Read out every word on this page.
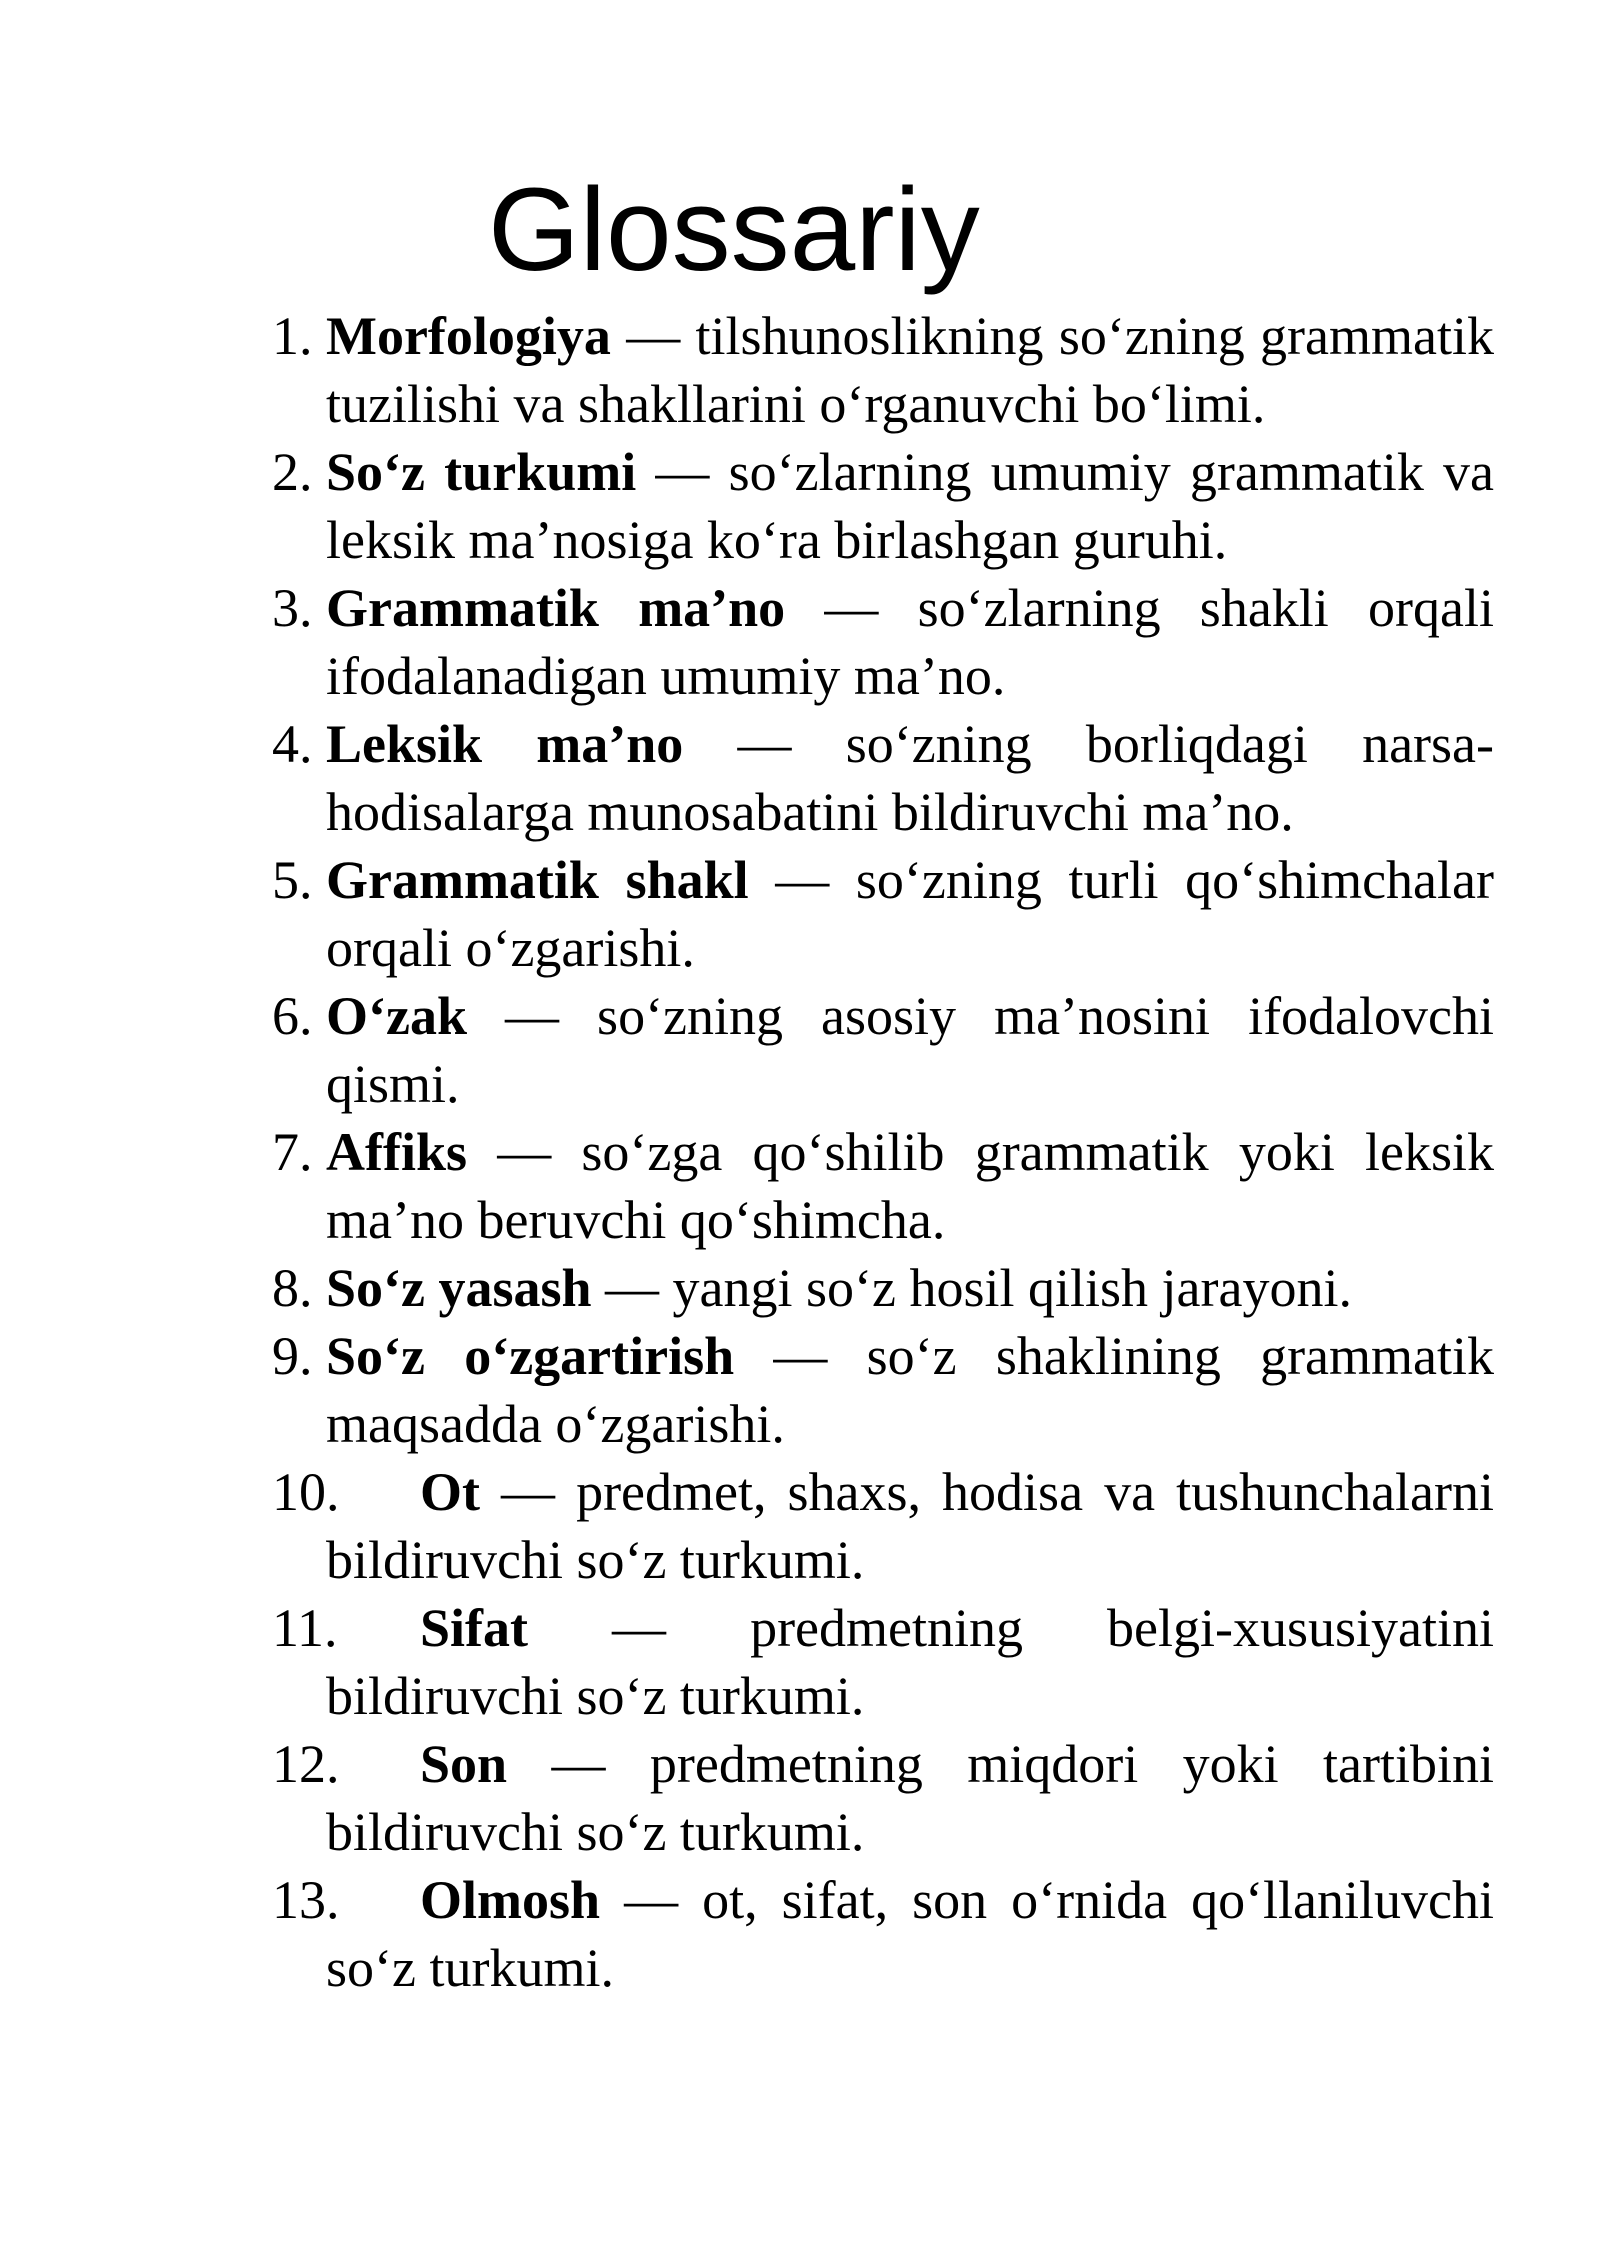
Glossariy
1. Morfologiya — tilshunoslikning so‘zning grammatik tuzilishi va shakllarini o‘rganuvchi bo‘limi.
2. So‘z turkumi — so‘zlarning umumiy grammatik va leksik ma’nosiga ko‘ra birlashgan guruhi.
3. Grammatik ma’no — so‘zlarning shakli orqali ifodalanadigan umumiy ma’no.
4. Leksik ma’no — so‘zning borliqdagi narsa-hodisalarga munosabatini bildiruvchi ma’no.
5. Grammatik shakl — so‘zning turli qo‘shimchalar orqali o‘zgarishi.
6. O‘zak — so‘zning asosiy ma’nosini ifodalovchi qismi.
7. Affiks — so‘zga qo‘shilib grammatik yoki leksik ma’no beruvchi qo‘shimcha.
8. So‘z yasash — yangi so‘z hosil qilish jarayoni.
9. So‘z o‘zgartirish — so‘z shaklining grammatik maqsadda o‘zgarishi.
10. Ot — predmet, shaxs, hodisa va tushunchalarni bildiruvchi so‘z turkumi.
11. Sifat — predmetning belgi-xususiyatini bildiruvchi so‘z turkumi.
12. Son — predmetning miqdori yoki tartibini bildiruvchi so‘z turkumi.
13. Olmosh — ot, sifat, son o‘rnida qo‘llaniluvchi so‘z turkumi.
